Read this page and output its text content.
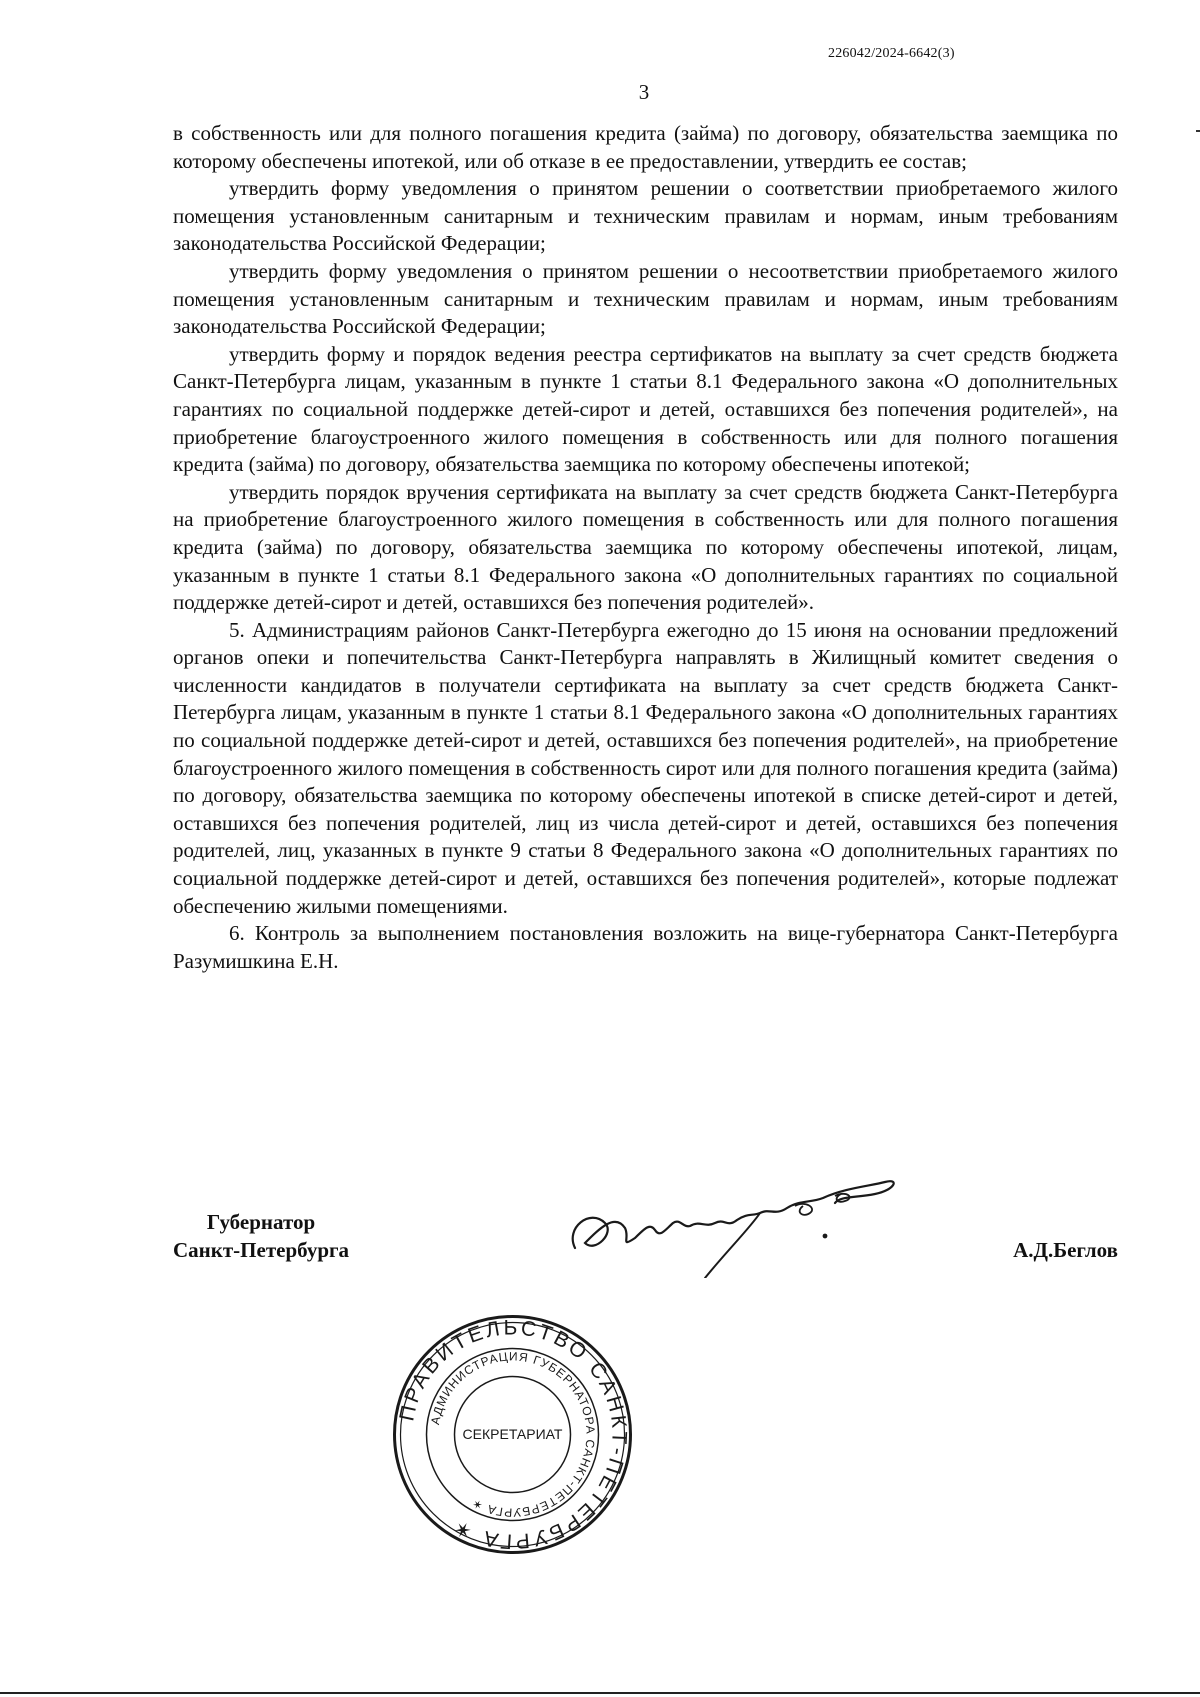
226042/2024-6642(3)
3

в собственность или для полного погашения кредита (займа) по договору, обязательства заемщика по которому обеспечены ипотекой, или об отказе в ее предоставлении, утвердить ее состав;

утвердить форму уведомления о принятом решении о соответствии приобретаемого жилого помещения установленным санитарным и техническим правилам и нормам, иным требованиям законодательства Российской Федерации;

утвердить форму уведомления о принятом решении о несоответствии приобретаемого жилого помещения установленным санитарным и техническим правилам и нормам, иным требованиям законодательства Российской Федерации;

утвердить форму и порядок ведения реестра сертификатов на выплату за счет средств бюджета Санкт-Петербурга лицам, указанным в пункте 1 статьи 8.1 Федерального закона «О дополнительных гарантиях по социальной поддержке детей-сирот и детей, оставшихся без попечения родителей», на приобретение благоустроенного жилого помещения в собственность или для полного погашения кредита (займа) по договору, обязательства заемщика по которому обеспечены ипотекой;

утвердить порядок вручения сертификата на выплату за счет средств бюджета Санкт-Петербурга на приобретение благоустроенного жилого помещения в собственность или для полного погашения кредита (займа) по договору, обязательства заемщика по которому обеспечены ипотекой, лицам, указанным в пункте 1 статьи 8.1 Федерального закона «О дополнительных гарантиях по социальной поддержке детей-сирот и детей, оставшихся без попечения родителей».

5. Администрациям районов Санкт-Петербурга ежегодно до 15 июня на основании предложений органов опеки и попечительства Санкт-Петербурга направлять в Жилищный комитет сведения о численности кандидатов в получатели сертификата на выплату за счет средств бюджета Санкт-Петербурга лицам, указанным в пункте 1 статьи 8.1 Федерального закона «О дополнительных гарантиях по социальной поддержке детей-сирот и детей, оставшихся без попечения родителей», на приобретение благоустроенного жилого помещения в собственность сирот или для полного погашения кредита (займа) по договору, обязательства заемщика по которому обеспечены ипотекой в списке детей-сирот и детей, оставшихся без попечения родителей, лиц из числа детей-сирот и детей, оставшихся без попечения родителей, лиц, указанных в пункте 9 статьи 8 Федерального закона «О дополнительных гарантиях по социальной поддержке детей-сирот и детей, оставшихся без попечения родителей», которые подлежат обеспечению жилыми помещениями.

6. Контроль за выполнением постановления возложить на вице-губернатора Санкт-Петербурга Разумишкина Е.Н.

Губернатор
Санкт-Петербурга	А.Д.Беглов
ПРАВИТЕЛЬСТВО САНКТ-ПЕТЕРБУРГА ✶
АДМИНИСТРАЦИЯ ГУБЕРНАТОРА САНКТ-ПЕТЕРБУРГА ✶
СЕКРЕТАРИАТ
